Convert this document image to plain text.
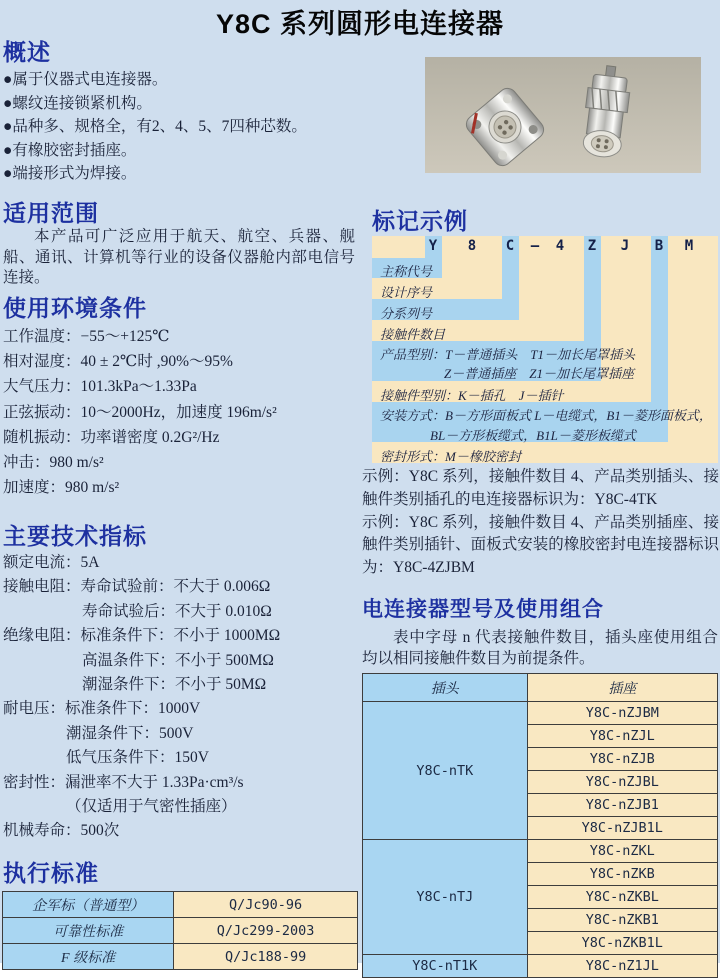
Y8C 系列圆形电连接器
概述
●属于仪器式电连接器。
●螺纹连接锁紧机构。
●品种多、规格全，有2、4、5、7四种芯数。
●有橡胶密封插座。
●端接形式为焊接。
适用范围
本产品可广泛应用于航天、航空、兵器、舰船、通讯、计算机等行业的设备仪器舱内部电信号连接。
使用环境条件
工作温度：−55～+125℃
相对湿度：40 ± 2℃时 ,90%～95%
大气压力：101.3kPa～1.33Pa
正弦振动：10～2000Hz，加速度 196m/s²
随机振动：功率谱密度 0.2G²/Hz
冲击：980 m/s²
加速度：980 m/s²
主要技术指标
额定电流：5A
接触电阻：寿命试验前：不大于 0.006Ω
寿命试验后：不大于 0.010Ω
绝缘电阻：标准条件下：不小于 1000MΩ
高温条件下：不小于 500MΩ
潮湿条件下：不小于 50MΩ
耐电压：标准条件下：1000V
潮湿条件下：500V
低气压条件下：150V
密封性：漏泄率不大于 1.33Pa·cm³/s
（仅适用于气密性插座）
机械寿命：500次
执行标准
企军标（普通型）	Q/Jc90-96
可靠性标准	Q/Jc299-2003
F 级标准	Q/Jc188-99
标记示例
Y	8	C	—	4	Z	J	B	M
主称代号
设计序号
分系列号
接触件数目
产品型别：T－普通插头　T1－加长尾罩插头
Z－普通插座　Z1－加长尾罩插座
接触件型别：K－插孔　J－插针
安装方式：B－方形面板式 L－电缆式，B1－菱形面板式，
BL－方形板缆式，B1L－菱形板缆式
密封形式：M－橡胶密封

示例：Y8C 系列，接触件数目 4、产品类别插头、接触件类别插孔的电连接器标识为：Y8C-4TK

示例：Y8C 系列，接触件数目 4、产品类别插座、接触件类别插针、面板式安装的橡胶密封电连接器标识为：Y8C-4ZJBM

电连接器型号及使用组合
表中字母 n 代表接触件数目，插头座使用组合均以相同接触件数目为前提条件。
插头	插座
Y8C-nTK	Y8C-nZJBM
	Y8C-nZJL
	Y8C-nZJB
	Y8C-nZJBL
	Y8C-nZJB1
	Y8C-nZJB1L
Y8C-nTJ	Y8C-nZKL
	Y8C-nZKB
	Y8C-nZKBL
	Y8C-nZKB1
	Y8C-nZKB1L
Y8C-nT1K	Y8C-nZ1JL
